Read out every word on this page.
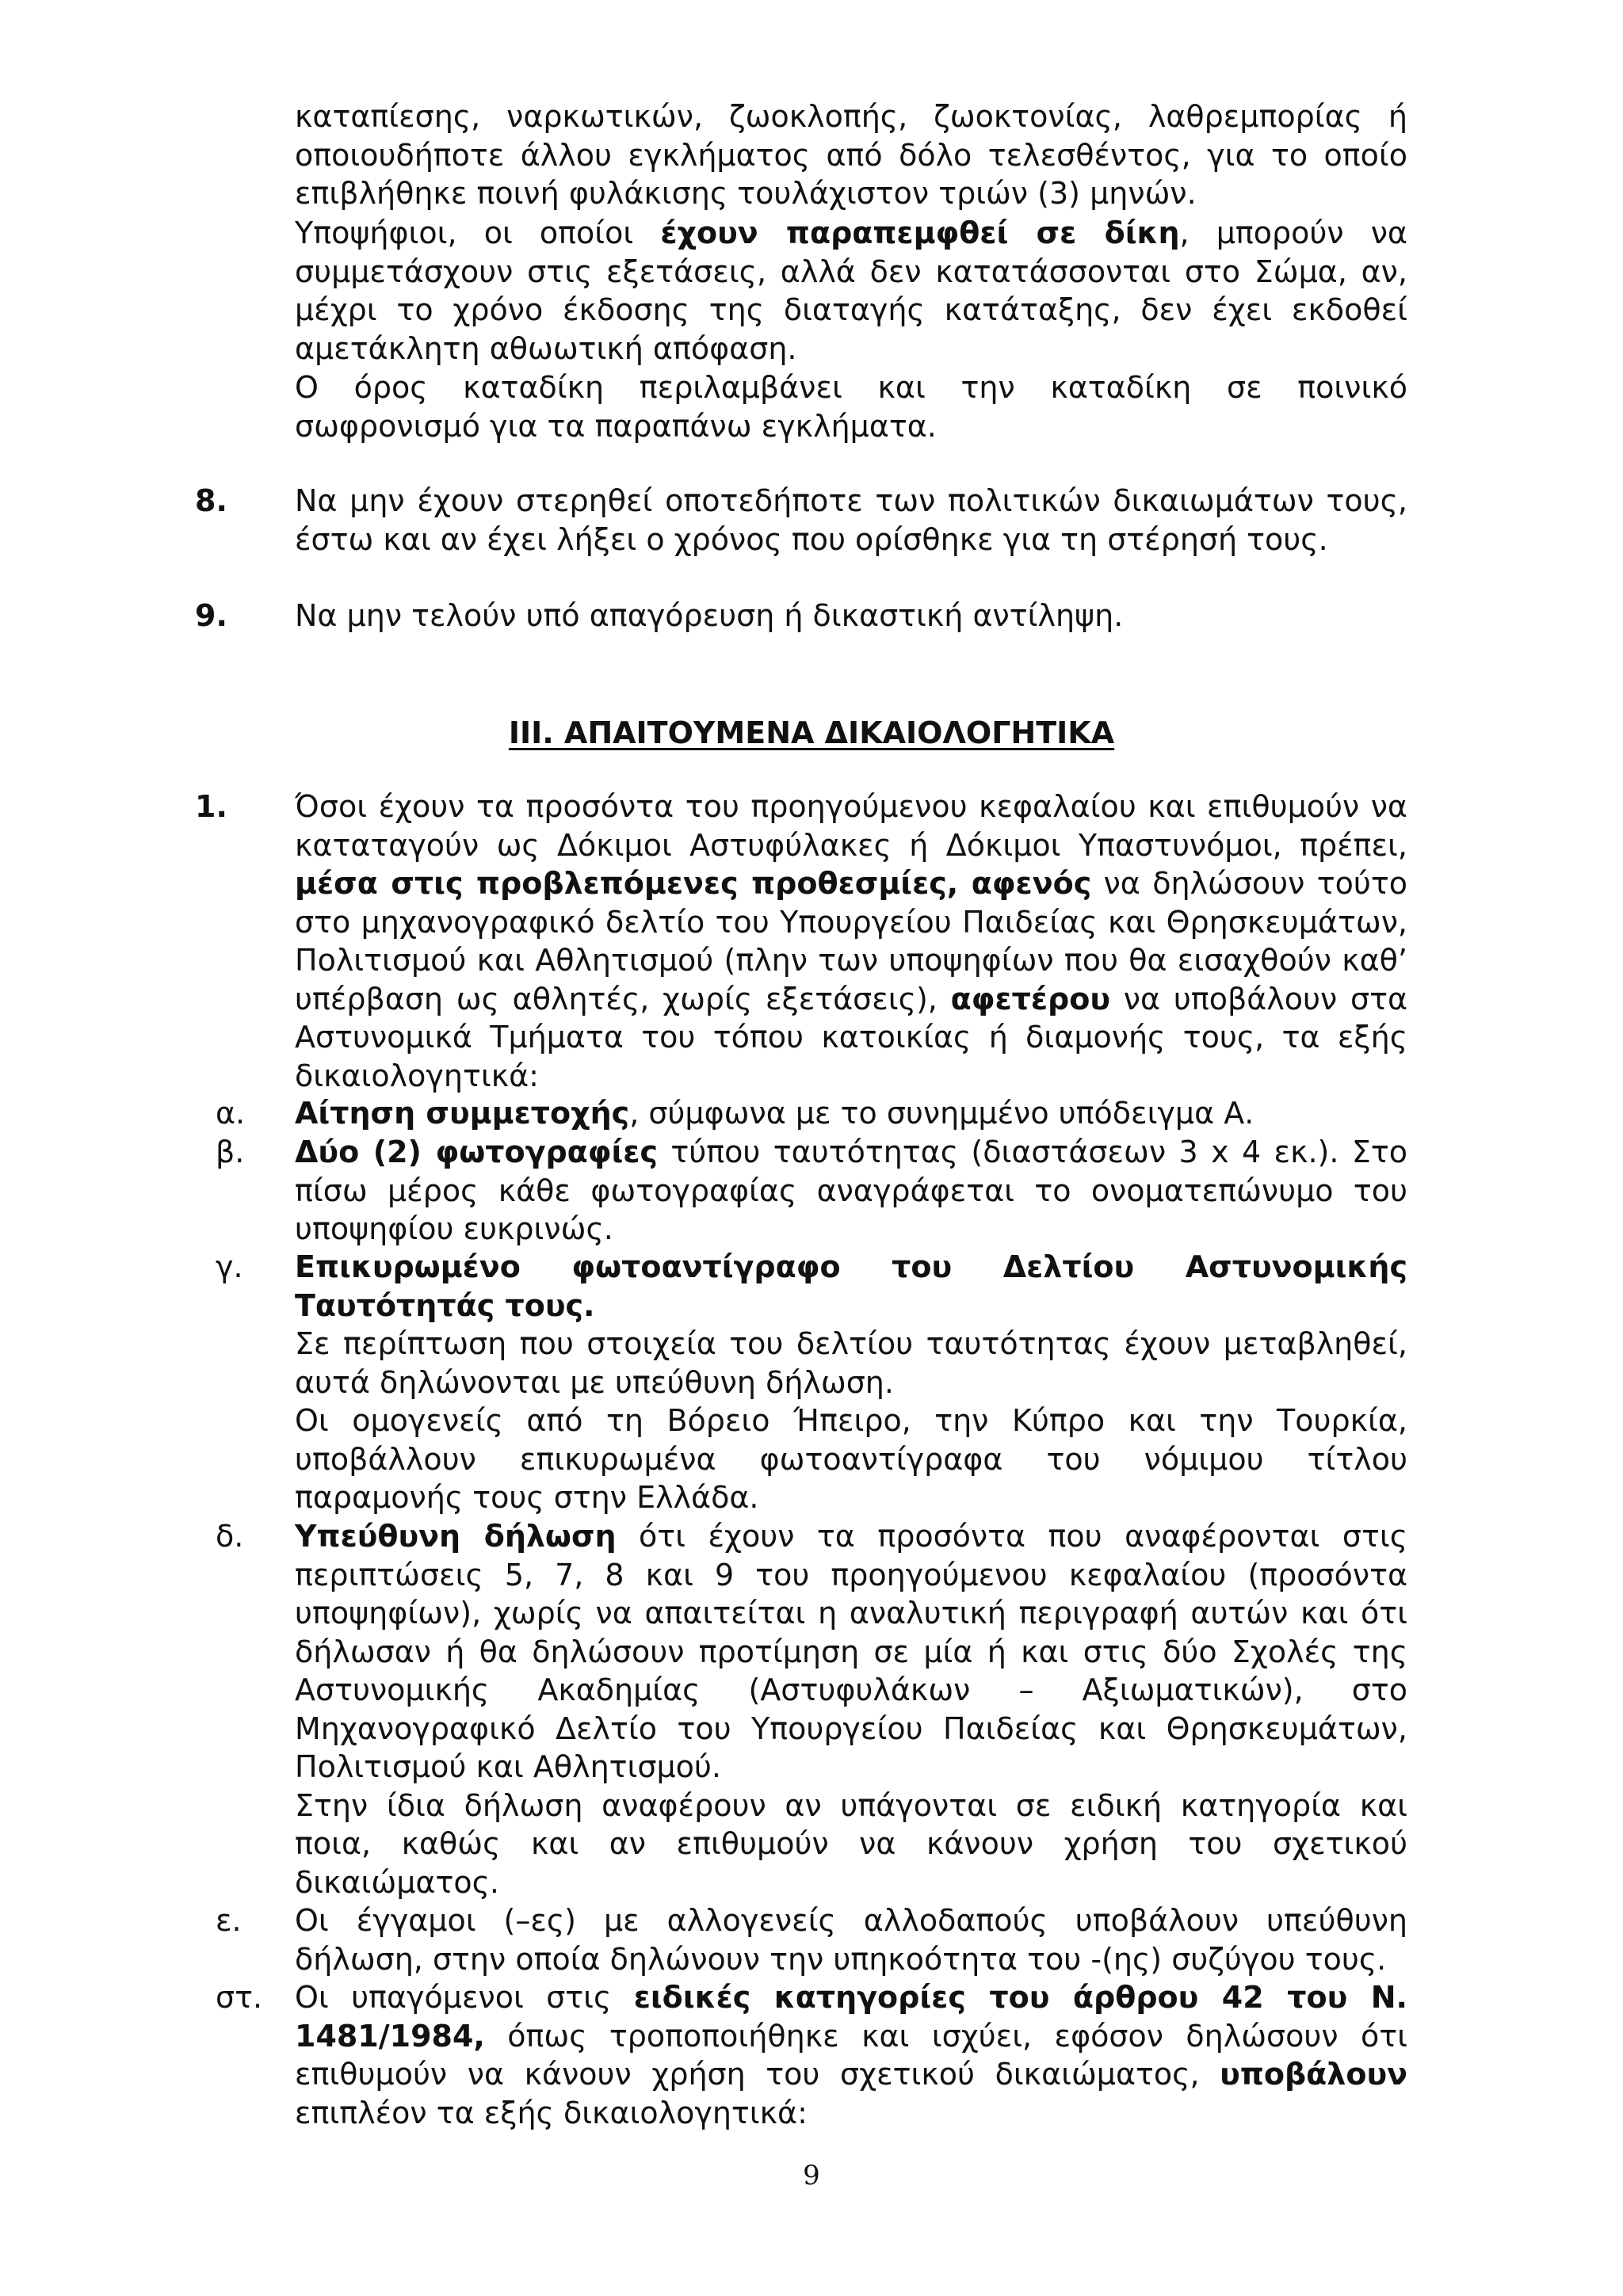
καταπίεσης, ναρκωτικών, ζωοκλοπής, ζωοκτονίας, λαθρεμπορίας ή
οποιουδήποτε άλλου εγκλήματος από δόλο τελεσθέντος, για το οποίο
επιβλήθηκε ποινή φυλάκισης τουλάχιστον τριών (3) μηνών.
Υποψήφιοι, οι οποίοι έχουν παραπεμφθεί σε δίκη, μπορούν να συμμετάσχουν στις εξετάσεις, αλλά δεν κατατάσσονται στο Σώμα, αν, μέχρι το χρόνο έκδοσης της διαταγής κατάταξης, δεν έχει εκδοθεί αμετάκλητη αθωωτική απόφαση.
Ο όρος καταδίκη περιλαμβάνει και την καταδίκη σε ποινικό
σωφρονισμό για τα παραπάνω εγκλήματα.
8. Να μην έχουν στερηθεί οποτεδήποτε των πολιτικών δικαιωμάτων τους,
έστω και αν έχει λήξει ο χρόνος που ορίσθηκε για τη στέρησή τους.
9. Να μην τελούν υπό απαγόρευση ή δικαστική αντίληψη.
ΙΙΙ. ΑΠΑΙΤΟΥΜΕΝΑ ΔΙΚΑΙΟΛΟΓΗΤΙΚΑ
1. Όσοι έχουν τα προσόντα του προηγούμενου κεφαλαίου και επιθυμούν να καταταγούν ως Δόκιμοι Αστυφύλακες ή Δόκιμοι Υπαστυνόμοι, πρέπει, μέσα στις προβλεπόμενες προθεσμίες, αφενός να δηλώσουν τούτο στο μηχανογραφικό δελτίο του Υπουργείου Παιδείας και Θρησκευμάτων, Πολιτισμού και Αθλητισμού (πλην των υποψηφίων που θα εισαχθούν καθ’ υπέρβαση ως αθλητές, χωρίς εξετάσεις), αφετέρου να υποβάλουν στα Αστυνομικά Τμήματα του τόπου κατοικίας ή διαμονής τους, τα εξής δικαιολογητικά:
α. Αίτηση συμμετοχής, σύμφωνα με το συνημμένο υπόδειγμα Α.
β. Δύο (2) φωτογραφίες τύπου ταυτότητας (διαστάσεων 3 x 4 εκ.). Στο πίσω μέρος κάθε φωτογραφίας αναγράφεται το ονοματεπώνυμο του υποψηφίου ευκρινώς.
γ. Επικυρωμένο φωτοαντίγραφο του Δελτίου Αστυνομικής
Ταυτότητάς τους.
Σε περίπτωση που στοιχεία του δελτίου ταυτότητας έχουν μεταβληθεί, αυτά δηλώνονται με υπεύθυνη δήλωση.
Οι ομογενείς από τη Βόρειο Ήπειρο, την Κύπρο και την Τουρκία, υποβάλλουν επικυρωμένα φωτοαντίγραφα του νόμιμου τίτλου παραμονής τους στην Ελλάδα.
δ. Υπεύθυνη δήλωση ότι έχουν τα προσόντα που αναφέρονται στις περιπτώσεις 5, 7, 8 και 9 του προηγούμενου κεφαλαίου (προσόντα υποψηφίων), χωρίς να απαιτείται η αναλυτική περιγραφή αυτών και ότι δήλωσαν ή θα δηλώσουν προτίμηση σε μία ή και στις δύο Σχολές της Αστυνομικής Ακαδημίας (Αστυφυλάκων – Αξιωματικών), στο Μηχανογραφικό Δελτίο του Υπουργείου Παιδείας και Θρησκευμάτων, Πολιτισμού και Αθλητισμού.
Στην ίδια δήλωση αναφέρουν αν υπάγονται σε ειδική κατηγορία και ποια, καθώς και αν επιθυμούν να κάνουν χρήση του σχετικού δικαιώματος.
ε. Οι έγγαμοι (–ες) με αλλογενείς αλλοδαπούς υποβάλουν υπεύθυνη δήλωση, στην οποία δηλώνουν την υπηκοότητα του -(ης) συζύγου τους.
στ. Οι υπαγόμενοι στις ειδικές κατηγορίες του άρθρου 42 του Ν. 1481/1984, όπως τροποποιήθηκε και ισχύει, εφόσον δηλώσουν ότι επιθυμούν να κάνουν χρήση του σχετικού δικαιώματος, υποβάλουν επιπλέον τα εξής δικαιολογητικά:
9
